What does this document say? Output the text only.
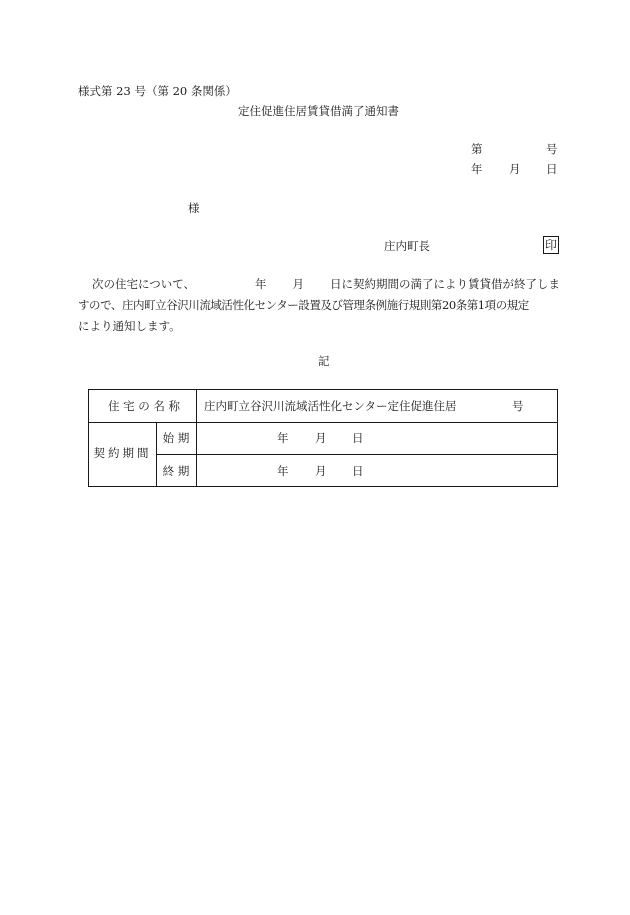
様式第 23 号（第 20 条関係）
定住促進住居賃貸借満了通知書
第	号
年 月 日
様
庄内町長	印
次の住宅について、	年 月 日に契約期間の満了により賃貸借が終了しま
すので、庄内町立谷沢川流域活性化センター設置及び管理条例施行規則第20条第1項の規定
により通知します。
記
住 宅 の 名 称	庄内町立谷沢川流域活性化センター定住促進住居	号
契約期間
始 期	年 月 日
終 期	年 月 日
